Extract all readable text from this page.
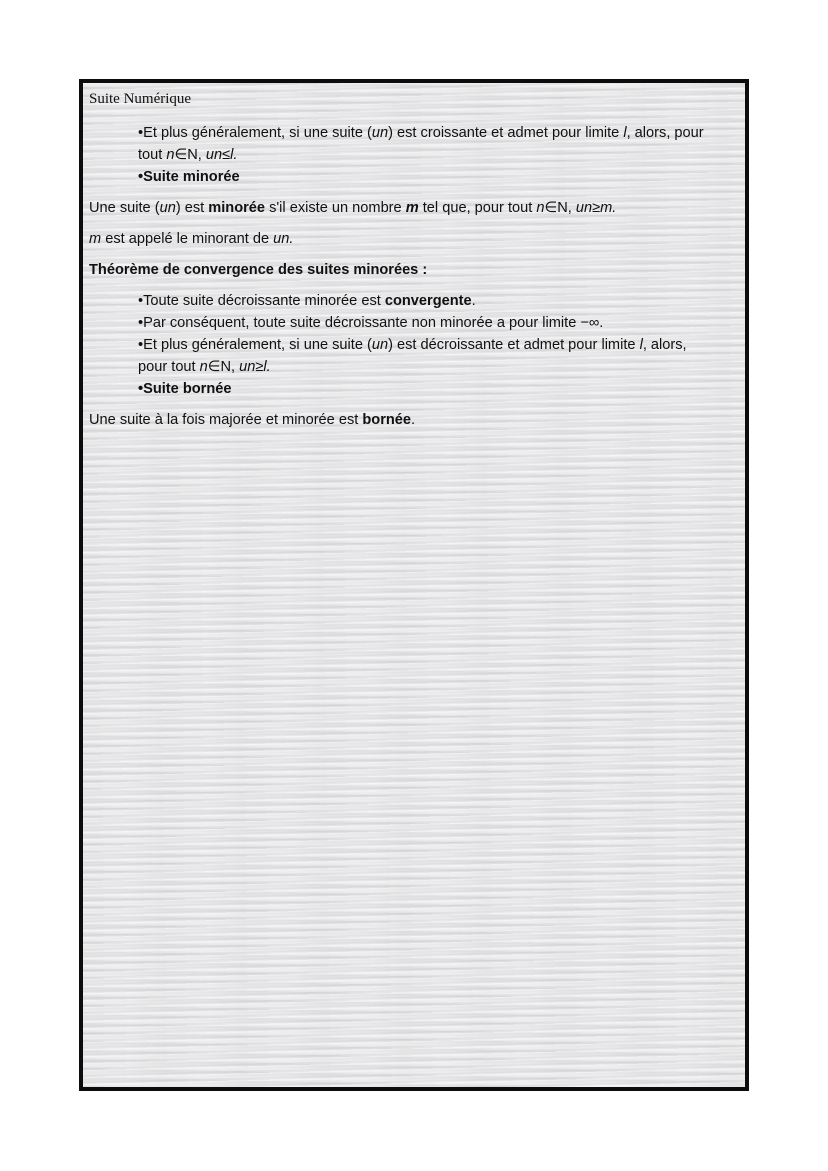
Suite Numérique
•Et plus généralement, si une suite (un) est croissante et admet pour limite l, alors, pour
tout n∈N, un≤l.
•Suite minorée

Une suite (un) est minorée s'il existe un nombre m tel que, pour tout n∈N, un≥m.

m est appelé le minorant de un.

Théorème de convergence des suites minorées :

•Toute suite décroissante minorée est convergente.
•Par conséquent, toute suite décroissante non minorée a pour limite −∞.
•Et plus généralement, si une suite (un) est décroissante et admet pour limite l, alors,
pour tout n∈N, un≥l.
•Suite bornée

Une suite à la fois majorée et minorée est bornée.
